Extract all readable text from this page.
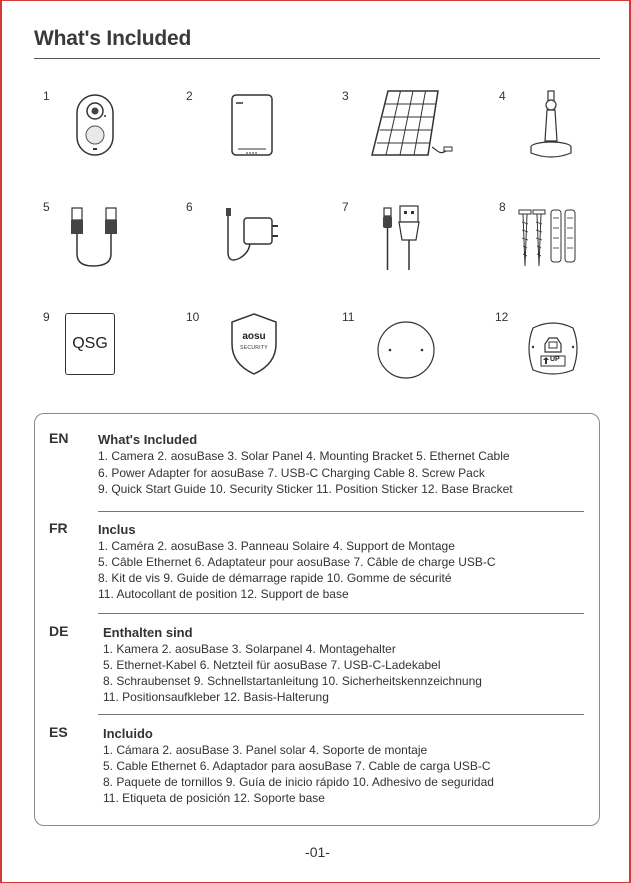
What's Included
1	2	3	4
5	6	7	8
9
QSG
10
aosu
SECURITY
11	12
UP
EN What's Included
1. Camera 2. aosuBase 3. Solar Panel 4. Mounting Bracket 5. Ethernet Cable
6. Power Adapter for aosuBase 7. USB-C Charging Cable 8. Screw Pack
9. Quick Start Guide 10. Security Sticker 11. Position Sticker 12. Base Bracket
FR Inclus
1. Caméra 2. aosuBase 3. Panneau Solaire 4. Support de Montage
5. Câble Ethernet 6. Adaptateur pour aosuBase 7. Câble de charge USB-C
8. Kit de vis 9. Guide de démarrage rapide 10. Gomme de sécurité
11. Autocollant de position 12. Support de base
DE	Enthalten sind
1. Kamera 2. aosuBase 3. Solarpanel 4. Montagehalter
5. Ethernet-Kabel 6. Netzteil für aosuBase 7. USB-C-Ladekabel
8. Schraubenset 9. Schnellstartanleitung 10. Sicherheitskennzeichnung
11. Positionsaufkleber 12. Basis-Halterung
ES	Incluido
1. Cámara 2. aosuBase 3. Panel solar 4. Soporte de montaje
5. Cable Ethernet 6. Adaptador para aosuBase 7. Cable de carga USB-C
8. Paquete de tornillos 9. Guía de inicio rápido 10. Adhesivo de seguridad
11. Etiqueta de posición 12. Soporte base
-01-
